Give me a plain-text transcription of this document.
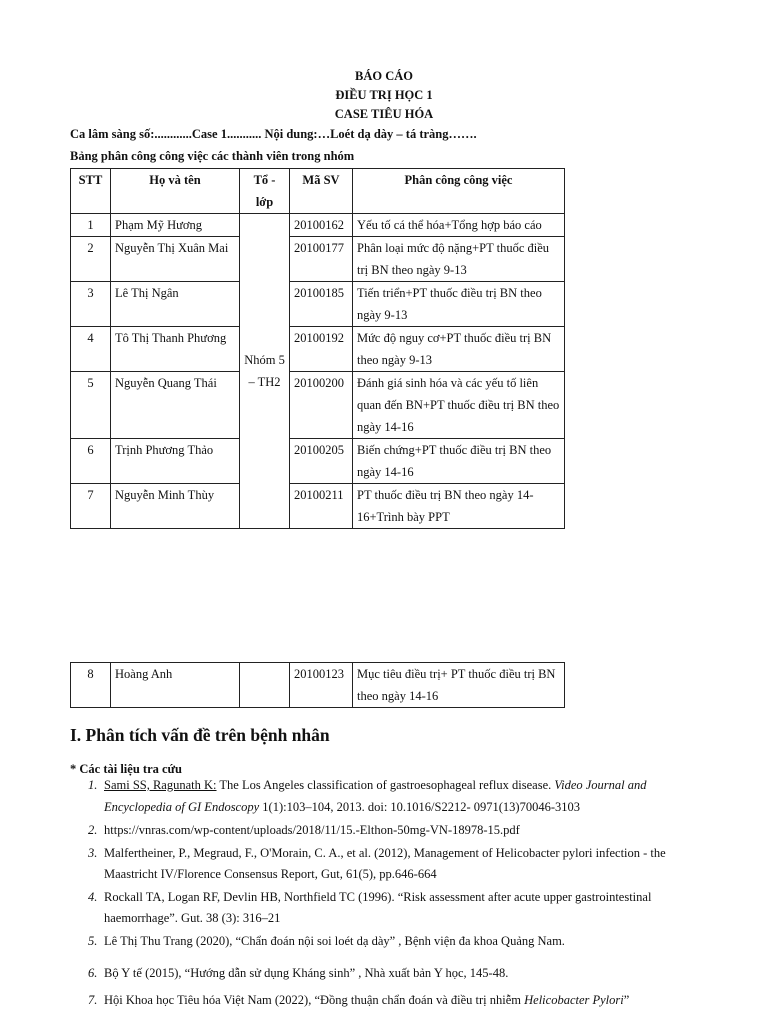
BÁO CÁO
ĐIỀU TRỊ HỌC 1
CASE TIÊU HÓA
Ca lâm sàng số:............Case 1........... Nội dung:…Loét dạ dày – tá tràng…….
Bảng phân công công việc các thành viên trong nhóm
STT	Họ và tên	Tổ - lớp	Mã SV	Phân công công việc
1	Phạm Mỹ Hương	Nhóm 5 – TH2	20100162	Yếu tố cá thể hóa+Tổng hợp báo cáo
2	Nguyễn Thị Xuân Mai		20100177	Phân loại mức độ nặng+PT thuốc điều trị BN theo ngày 9-13
3	Lê Thị Ngân		20100185	Tiến triển+PT thuốc điều trị BN theo ngày 9-13
4	Tô Thị Thanh Phương		20100192	Mức độ nguy cơ+PT thuốc điều trị BN theo ngày 9-13
5	Nguyễn Quang Thái		20100200	Đánh giá sinh hóa và các yếu tố liên quan đến BN+PT thuốc điều trị BN theo ngày 14-16
6	Trịnh Phương Thảo		20100205	Biến chứng+PT thuốc điều trị BN theo ngày 14-16
7	Nguyễn Minh Thùy		20100211	PT thuốc điều trị BN theo ngày 14-16+Trình bày PPT
8	Hoàng Anh		20100123	Mục tiêu điều trị+ PT thuốc điều trị BN theo ngày 14-16
I. Phân tích vấn đề trên bệnh nhân
* Các tài liệu tra cứu
1. Sami SS, Ragunath K: The Los Angeles classification of gastroesophageal reflux disease. Video Journal and Encyclopedia of GI Endoscopy 1(1):103–104, 2013. doi: 10.1016/S2212- 0971(13)70046-3103
2. https://vnras.com/wp-content/uploads/2018/11/15.-Elthon-50mg-VN-18978-15.pdf
3. Malfertheiner, P., Megraud, F., O'Morain, C. A., et al. (2012), Management of Helicobacter pylori infection - the Maastricht IV/Florence Consensus Report, Gut, 61(5), pp.646-664
4. Rockall TA, Logan RF, Devlin HB, Northfield TC (1996). “Risk assessment after acute upper gastrointestinal haemorrhage”. Gut. 38 (3): 316–21
5. Lê Thị Thu Trang (2020), “Chẩn đoán nội soi loét dạ dày” , Bệnh viện đa khoa Quảng Nam.
6. Bộ Y tế (2015), “Hướng dẫn sử dụng Kháng sinh” , Nhà xuất bản Y học, 145-48.
7. Hội Khoa học Tiêu hóa Việt Nam (2022), “Đồng thuận chẩn đoán và điều trị nhiễm Helicobacter Pylori”
